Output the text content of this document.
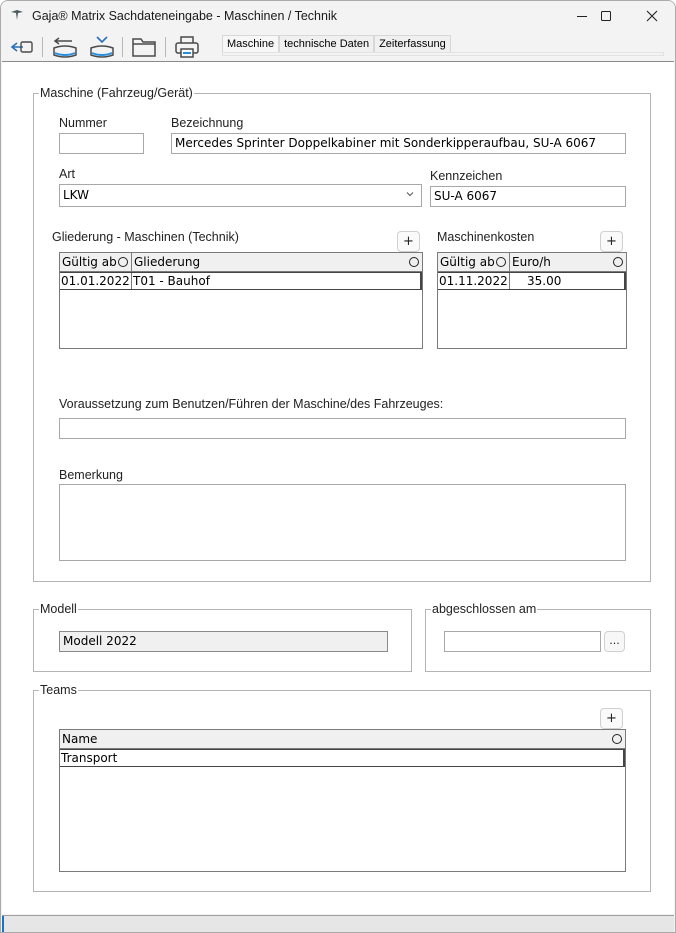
Gaja® Matrix Sachdateneingabe - Maschinen / Technik
Maschine technische Daten Zeiterfassung
Maschine (Fahrzeug/Gerät)
Nummer	Bezeichnung
Mercedes Sprinter Doppelkabiner mit Sonderkipperaufbau, SU-A 6067
Art
LKW
Kennzeichen
SU-A 6067
Gliederung - Maschinen (Technik)	+
Gültig ab	Gliederung
01.01.2022 T01 - Bauhof
Maschinenkosten	+
Gültig ab	Euro/h
01.11.2022	35.00
Voraussetzung zum Benutzen/Führen der Maschine/des Fahrzeuges:
Bemerkung
Modell
Modell 2022
abgeschlossen am
...
Teams
+
Name
Transport
